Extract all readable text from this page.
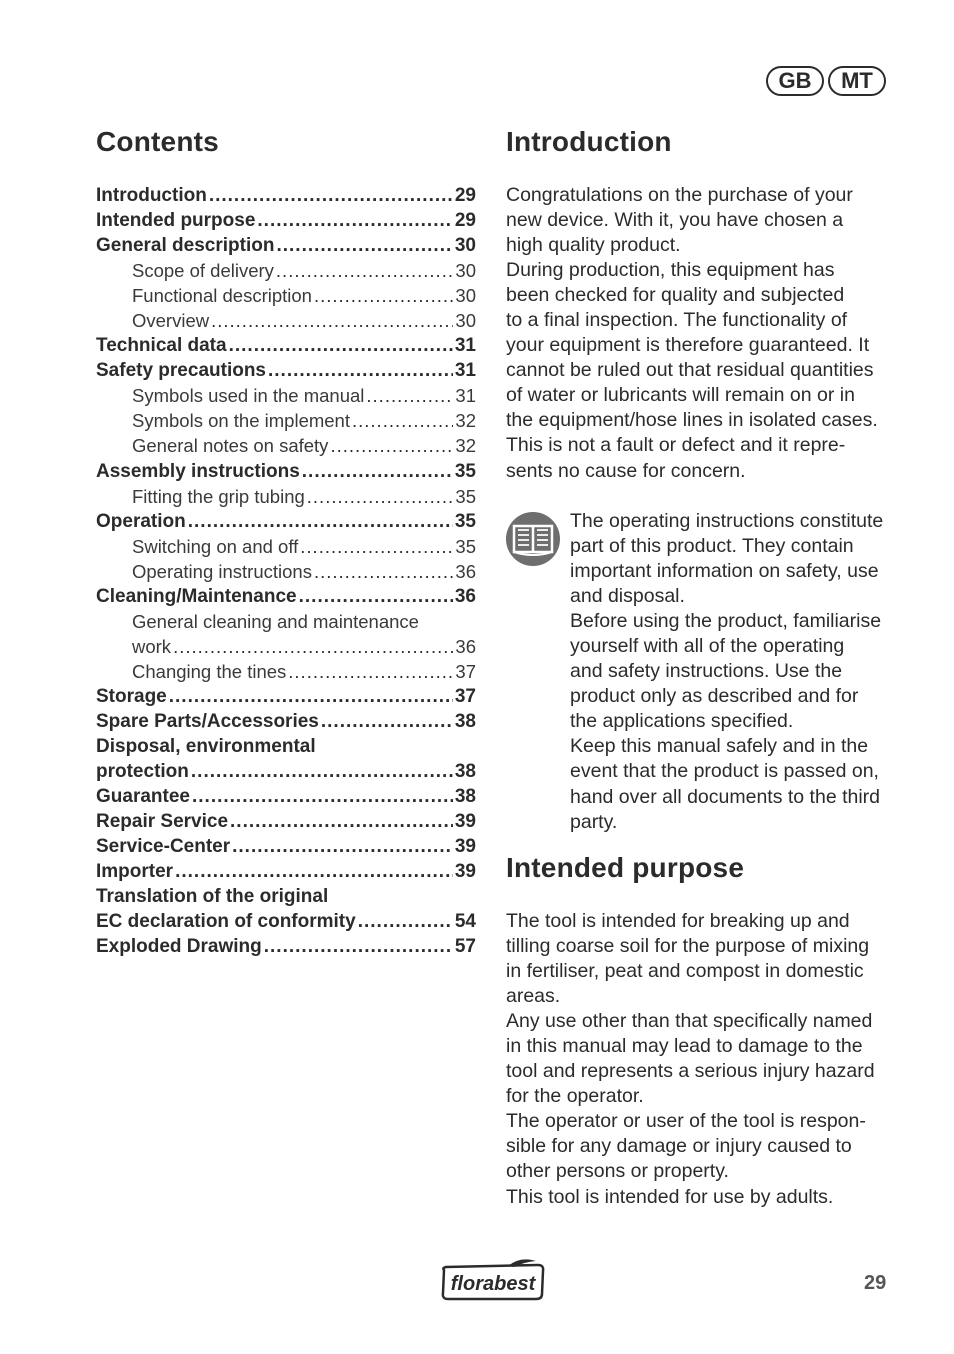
GB	MT
Contents
Introduction .....	29
Intended purpose .....	29
General description .....	30
Scope of delivery .....	30
Functional description .....	30
Overview .....	30
Technical data .....	31
Safety precautions .....	31
Symbols used in the manual .....	31
Symbols on the implement .....	32
General notes on safety .....	32
Assembly instructions .....	35
Fitting the grip tubing .....	35
Operation .....	35
Switching on and off .....	35
Operating instructions .....	36
Cleaning/Maintenance .....	36
General cleaning and maintenance
work .....	36
Changing the tines .....	37
Storage .....	37
Spare Parts/Accessories .....	38
Disposal, environmental
protection .....	38
Guarantee .....	38
Repair Service .....	39
Service-Center .....	39
Importer .....	39
Translation of the original
EC declaration of conformity .....	54
Exploded Drawing .....	57
Introduction
Congratulations on the purchase of your
new device. With it, you have chosen a
high quality product.
During production, this equipment has
been checked for quality and subjected
to a final inspection. The functionality of
your equipment is therefore guaranteed. It
cannot be ruled out that residual quantities
of water or lubricants will remain on or in
the equipment/hose lines in isolated cases.
This is not a fault or defect and it repre-
sents no cause for concern.
The operating instructions constitute
part of this product. They contain
important information on safety, use
and disposal.
Before using the product, familiarise
yourself with all of the operating
and safety instructions. Use the
product only as described and for
the applications specified.
Keep this manual safely and in the
event that the product is passed on,
hand over all documents to the third
party.
Intended purpose
The tool is intended for breaking up and
tilling coarse soil for the purpose of mixing
in fertiliser, peat and compost in domestic
areas.
Any use other than that specifically named
in this manual may lead to damage to the
tool and represents a serious injury hazard
for the operator.
The operator or user of the tool is respon-
sible for any damage or injury caused to
other persons or property.
This tool is intended for use by adults.
florabest	29
